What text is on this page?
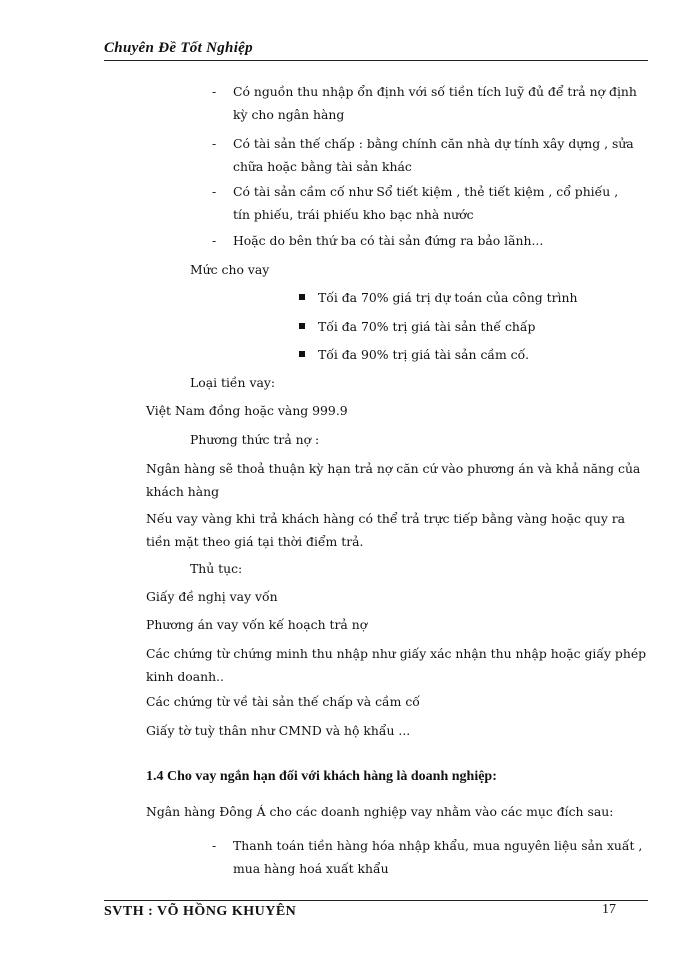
Chuyên Đề Tốt Nghiệp
- Có nguồn thu nhập ổn định với số tiền tích luỹ đủ để trả nợ định
kỳ cho ngân hàng
- Có tài sản thế chấp : bằng chính căn nhà dự tính xây dựng , sửa
chữa hoặc bằng tài sản khác
- Có tài sản cầm cố như Sổ tiết kiệm , thẻ tiết kiệm , cổ phiếu ,
tín phiếu, trái phiếu kho bạc nhà nước
- Hoặc do bên thứ ba có tài sản đứng ra bảo lãnh...
Mức cho vay
Tối đa 70% giá trị dự toán của công trình
Tối đa 70% trị giá tài sản thế chấp
Tối đa 90% trị giá tài sản cầm cố.
Loại tiền vay:
Việt Nam đồng hoặc vàng 999.9
Phương thức trả nợ :
Ngân hàng sẽ thoả thuận kỳ hạn trả nợ căn cứ vào phương án và khả năng của
khách hàng
Nếu vay vàng khi trả khách hàng có thể trả trực tiếp bằng vàng hoặc quy ra
tiền mặt theo giá tại thời điểm trả.
Thủ tục:
Giấy đề nghị vay vốn
Phương án vay vốn kế hoạch trả nợ
Các chứng từ chứng minh thu nhập như giấy xác nhận thu nhập hoặc giấy phép
kinh doanh..
Các chứng từ về tài sản thế chấp và cầm cố
Giấy tờ tuỳ thân như CMND và hộ khẩu ...
1.4 Cho vay ngắn hạn đối với khách hàng là doanh nghiệp:
Ngân hàng Đông Á cho các doanh nghiệp vay nhằm vào các mục đích sau:
- Thanh toán tiền hàng hóa nhập khẩu, mua nguyên liệu sản xuất ,
mua hàng hoá xuất khẩu
SVTH : VÕ HỒNG KHUYÊN	17
